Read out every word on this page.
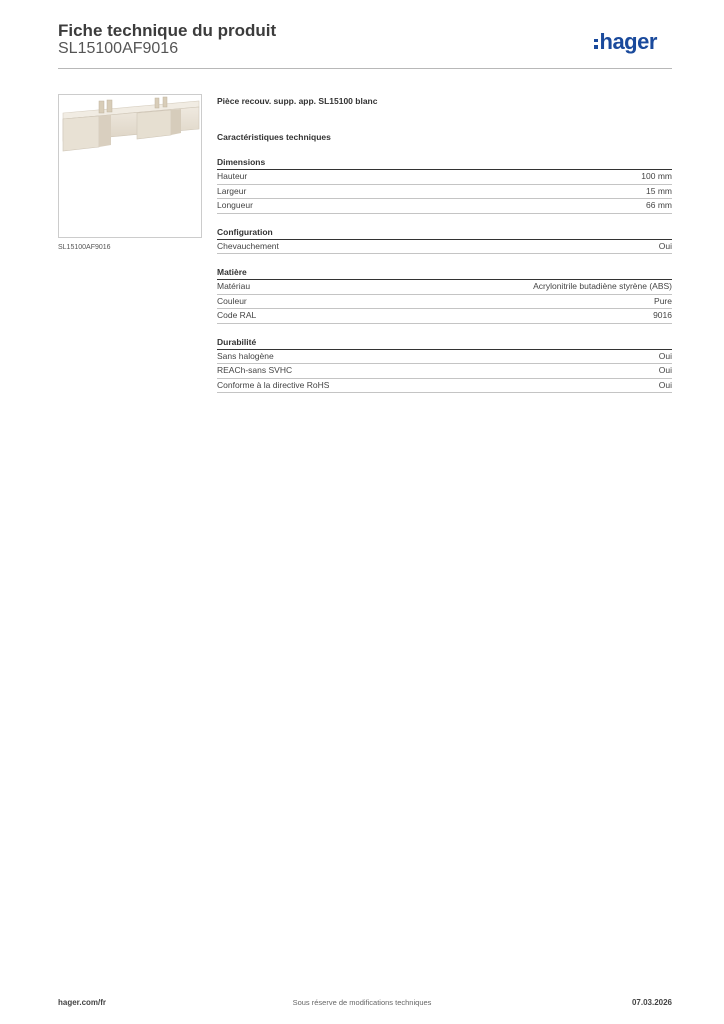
Fiche technique du produit
SL15100AF9016	hager
SL15100AF9016
Pièce recouv. supp. app. SL15100 blanc
Caractéristiques techniques
Dimensions
Hauteur	100 mm
Largeur	15 mm
Longueur	66 mm
Configuration
Chevauchement	Oui
Matière
Matériau	Acrylonitrile butadiène styrène (ABS)
Couleur	Pure
Code RAL	9016
Durabilité
Sans halogène	Oui
REACh-sans SVHC	Oui
Conforme à la directive RoHS	Oui
hager.com/fr	Sous réserve de modifications techniques	07.03.2026
